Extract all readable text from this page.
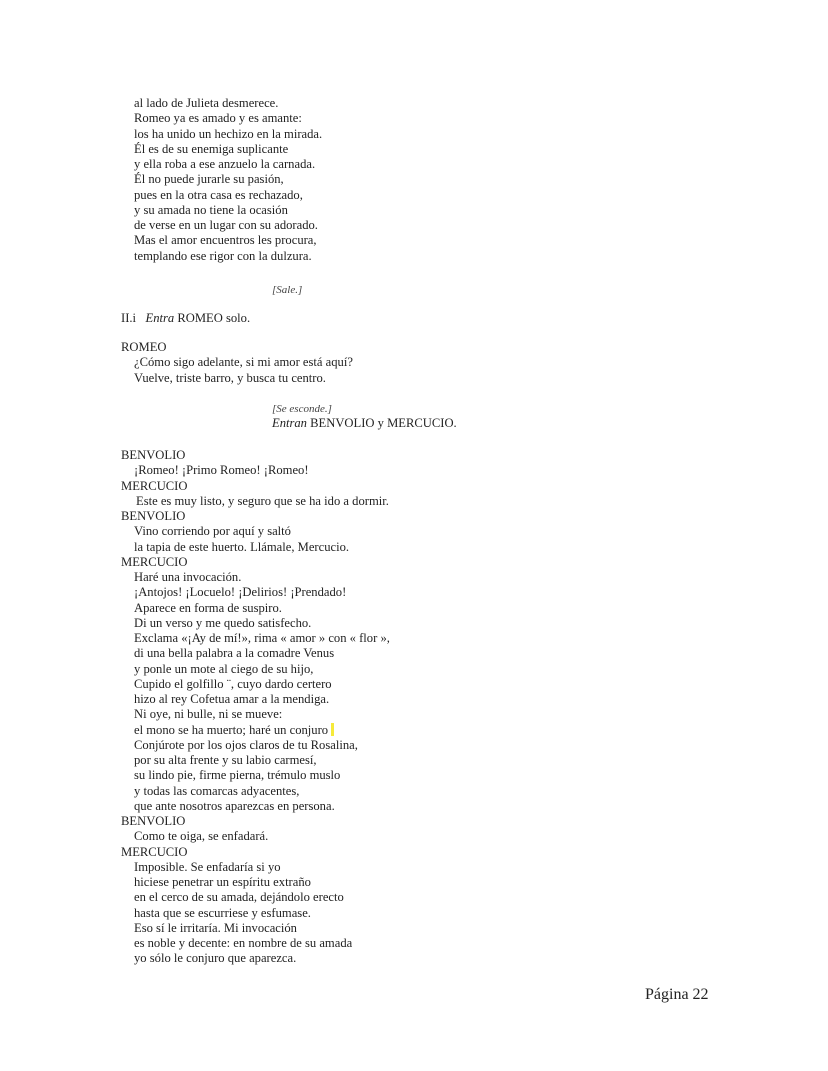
al lado de Julieta desmerece.
Romeo ya es amado y es amante:
los ha unido un hechizo en la mirada.
Él es de su enemiga suplicante
y ella roba a ese anzuelo la carnada.
Él no puede jurarle su pasión,
pues en la otra casa es rechazado,
y su amada no tiene la ocasión
de verse en un lugar con su adorado.
Mas el amor encuentros les procura,
templando ese rigor con la dulzura.
[Sale.]
II.i Entra ROMEO solo.
ROMEO
¿Cómo sigo adelante, si mi amor está aquí?
Vuelve, triste barro, y busca tu centro.
[Se esconde.]
Entran BENVOLIO y MERCUCIO.
BENVOLIO
¡Romeo! ¡Primo Romeo! ¡Romeo!
MERCUCIO
Este es muy listo, y seguro que se ha ido a dormir.
BENVOLIO
Vino corriendo por aquí y saltó
la tapia de este huerto. Llámale, Mercucio.
MERCUCIO
Haré una invocación.
¡Antojos! ¡Locuelo! ¡Delirios! ¡Prendado!
Aparece en forma de suspiro.
Di un verso y me quedo satisfecho.
Exclama «¡Ay de mí!», rima « amor » con « flor »,
di una bella palabra a la comadre Venus
y ponle un mote al ciego de su hijo,
Cupido el golfillo ¨, cuyo dardo certero
hizo al rey Cofetua amar a la mendiga.
Ni oye, ni bulle, ni se mueve:
el mono se ha muerto; haré un conjuro
Conjúrote por los ojos claros de tu Rosalina,
por su alta frente y su labio carmesí,
su lindo pie, firme pierna, trémulo muslo
y todas las comarcas adyacentes,
que ante nosotros aparezcas en persona.
BENVOLIO
Como te oiga, se enfadará.
MERCUCIO
Imposible. Se enfadaría si yo
hiciese penetrar un espíritu extraño
en el cerco de su amada, dejándolo erecto
hasta que se escurriese y esfumase.
Eso sí le irritaría. Mi invocación
es noble y decente: en nombre de su amada
yo sólo le conjuro que aparezca.
Página 22
